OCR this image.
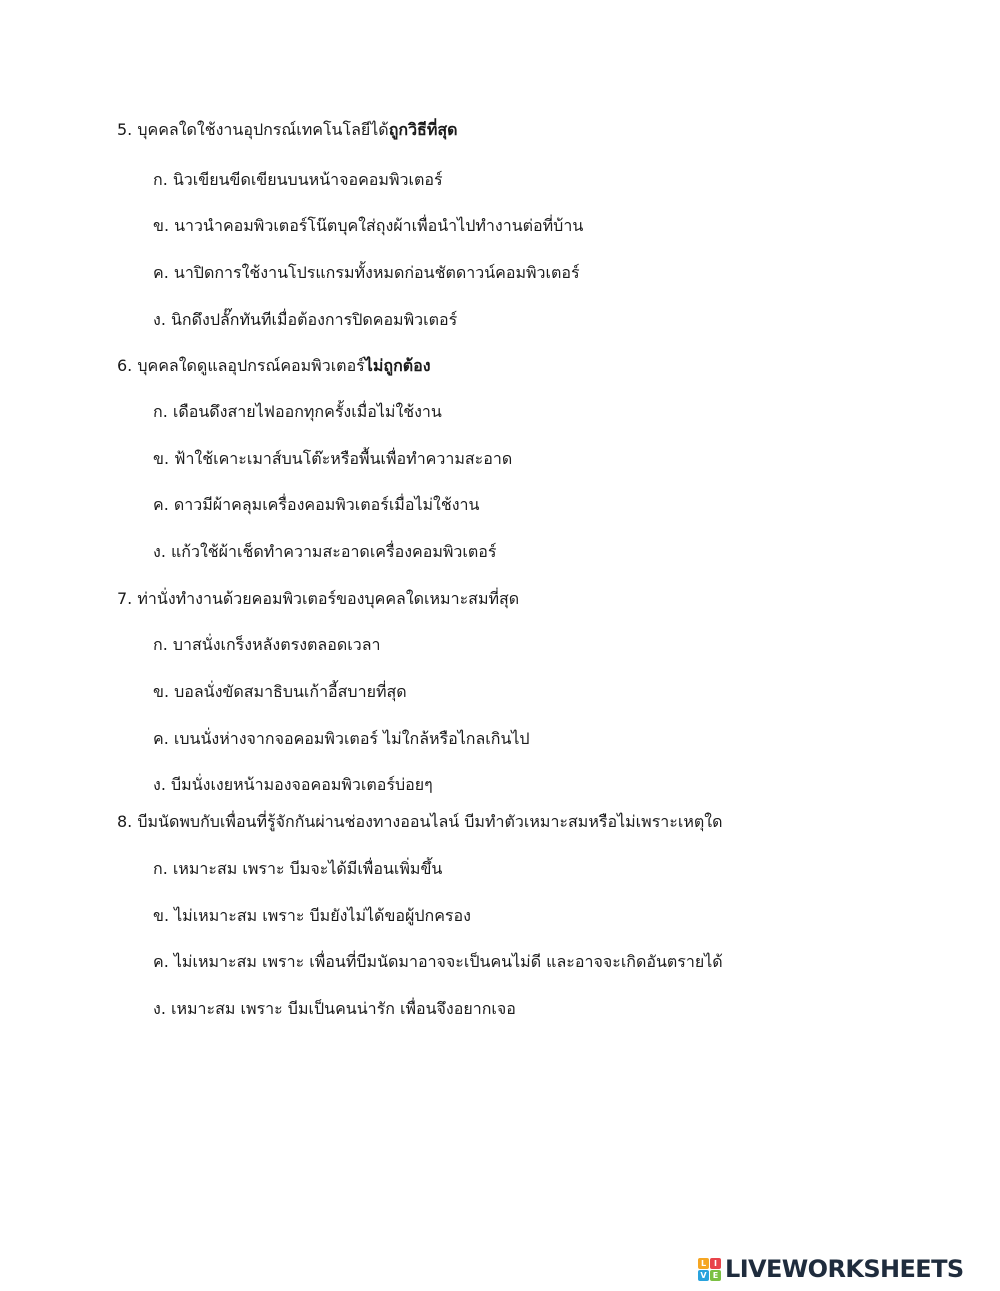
5. บุคคลใดใช้งานอุปกรณ์เทคโนโลยีได้ถูกวิธีที่สุด

ก. นิวเขียนขีดเขียนบนหน้าจอคอมพิวเตอร์

ข. นาวนำคอมพิวเตอร์โน๊ตบุคใส่ถุงผ้าเพื่อนำไปทำงานต่อที่บ้าน

ค. นาปิดการใช้งานโปรแกรมทั้งหมดก่อนชัตดาวน์คอมพิวเตอร์

ง. นิกดึงปลั๊กทันทีเมื่อต้องการปิดคอมพิวเตอร์

6. บุคคลใดดูแลอุปกรณ์คอมพิวเตอร์ไม่ถูกต้อง

ก. เดือนดึงสายไฟออกทุกครั้งเมื่อไม่ใช้งาน

ข. ฟ้าใช้เคาะเมาส์บนโต๊ะหรือพื้นเพื่อทำความสะอาด

ค. ดาวมีผ้าคลุมเครื่องคอมพิวเตอร์เมื่อไม่ใช้งาน

ง. แก้วใช้ผ้าเช็ดทำความสะอาดเครื่องคอมพิวเตอร์

7. ท่านั่งทำงานด้วยคอมพิวเตอร์ของบุคคลใดเหมาะสมที่สุด

ก. บาสนั่งเกร็งหลังตรงตลอดเวลา

ข. บอลนั่งขัดสมาธิบนเก้าอี้สบายที่สุด

ค. เบนนั่งห่างจากจอคอมพิวเตอร์ ไม่ใกล้หรือไกลเกินไป

ง. บีมนั่งเงยหน้ามองจอคอมพิวเตอร์บ่อยๆ

8. บีมนัดพบกับเพื่อนที่รู้จักกันผ่านช่องทางออนไลน์ บีมทำตัวเหมาะสมหรือไม่เพราะเหตุใด

ก. เหมาะสม เพราะ บีมจะได้มีเพื่อนเพิ่มขึ้น

ข. ไม่เหมาะสม เพราะ บีมยังไม่ได้ขอผู้ปกครอง

ค. ไม่เหมาะสม เพราะ เพื่อนที่บีมนัดมาอาจจะเป็นคนไม่ดี และอาจจะเกิดอันตรายได้

ง. เหมาะสม เพราะ บีมเป็นคนน่ารัก เพื่อนจึงอยากเจอ

L I
V E LIVEWORKSHEETS
